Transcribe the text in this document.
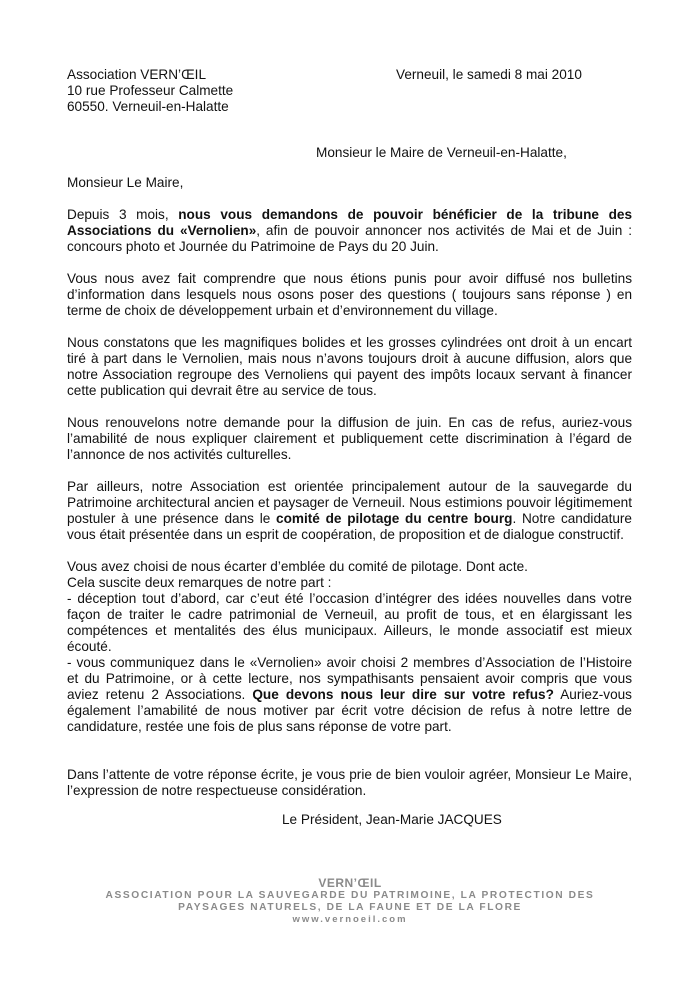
Association VERN’ŒIL
10 rue Professeur Calmette
60550. Verneuil-en-Halatte
Verneuil, le samedi 8 mai 2010
Monsieur le Maire de Verneuil-en-Halatte,

Monsieur Le Maire,

Depuis 3 mois, nous vous demandons de pouvoir bénéficier de la tribune des Associations du «Vernolien», afin de pouvoir annoncer nos activités de Mai et de Juin : concours photo et Journée du Patrimoine de Pays du 20 Juin.

Vous nous avez fait comprendre que nous étions punis pour avoir diffusé nos bulletins d’information dans lesquels nous osons poser des questions ( toujours sans réponse ) en terme de choix de développement urbain et d’environnement du village.

Nous constatons que les magnifiques bolides et les grosses cylindrées ont droit à un encart tiré à part dans le Vernolien, mais nous n’avons toujours droit à aucune diffusion, alors que notre Association regroupe des Vernoliens qui payent des impôts locaux servant à financer cette publication qui devrait être au service de tous.

Nous renouvelons notre demande pour la diffusion de juin. En cas de refus, auriez-vous l’amabilité de nous expliquer clairement et publiquement cette discrimination à l’égard de l’annonce de nos activités culturelles.

Par ailleurs, notre Association est orientée principalement autour de la sauvegarde du Patrimoine architectural ancien et paysager de Verneuil. Nous estimions pouvoir légitimement postuler à une présence dans le comité de pilotage du centre bourg. Notre candidature vous était présentée dans un esprit de coopération, de proposition et de dialogue constructif.

Vous avez choisi de nous écarter d’emblée du comité de pilotage. Dont acte.

Cela suscite deux remarques de notre part :

- déception tout d’abord, car c’eut été l’occasion d’intégrer des idées nouvelles dans votre façon de traiter le cadre patrimonial de Verneuil, au profit de tous, et en élargissant les compétences et mentalités des élus municipaux. Ailleurs, le monde associatif est mieux écouté.

- vous communiquez dans le «Vernolien» avoir choisi 2 membres d’Association de l’Histoire et du Patrimoine, or à cette lecture, nos sympathisants pensaient avoir compris que vous aviez retenu 2 Associations. Que devons nous leur dire sur votre refus? Auriez-vous également l’amabilité de nous motiver par écrit votre décision de refus à notre lettre de candidature, restée une fois de plus sans réponse de votre part.

Dans l’attente de votre réponse écrite, je vous prie de bien vouloir agréer, Monsieur Le Maire, l’expression de notre respectueuse considération.

Le Président, Jean-Marie JACQUES
VERN’ŒIL
ASSOCIATION POUR LA SAUVEGARDE DU PATRIMOINE, LA PROTECTION DES
PAYSAGES NATURELS, DE LA FAUNE ET DE LA FLORE
www.vernoeil.com
